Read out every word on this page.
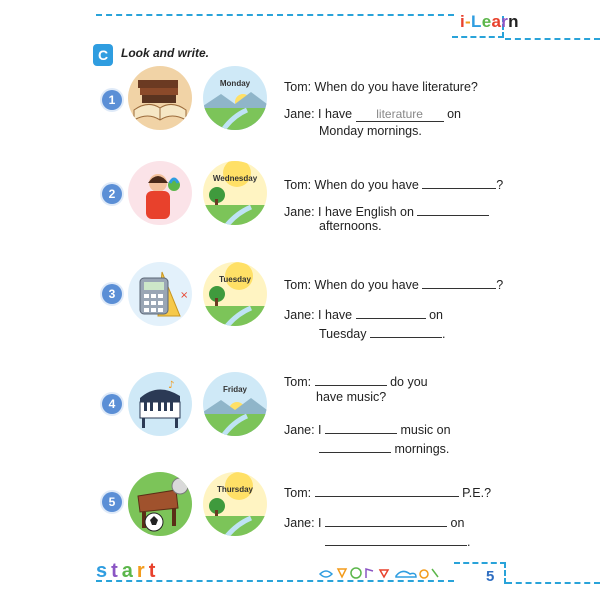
i-Learn
C	Look and write.
1
Monday	Tom: When do you have literature?
Jane: I have literature on
Monday mornings.
2
Wednesday	Tom: When do you have	?
Jane: I have English on
afternoons.
3	×
Tuesday	Tom: When do you have	?
Jane: I have	on
Tuesday	.
4
♪	Friday
Tom:	do you
have music?
Jane: I	music on
mornings.
5
Thursday	Tom:	P.E.?
Jane: I	on
.
start	5
